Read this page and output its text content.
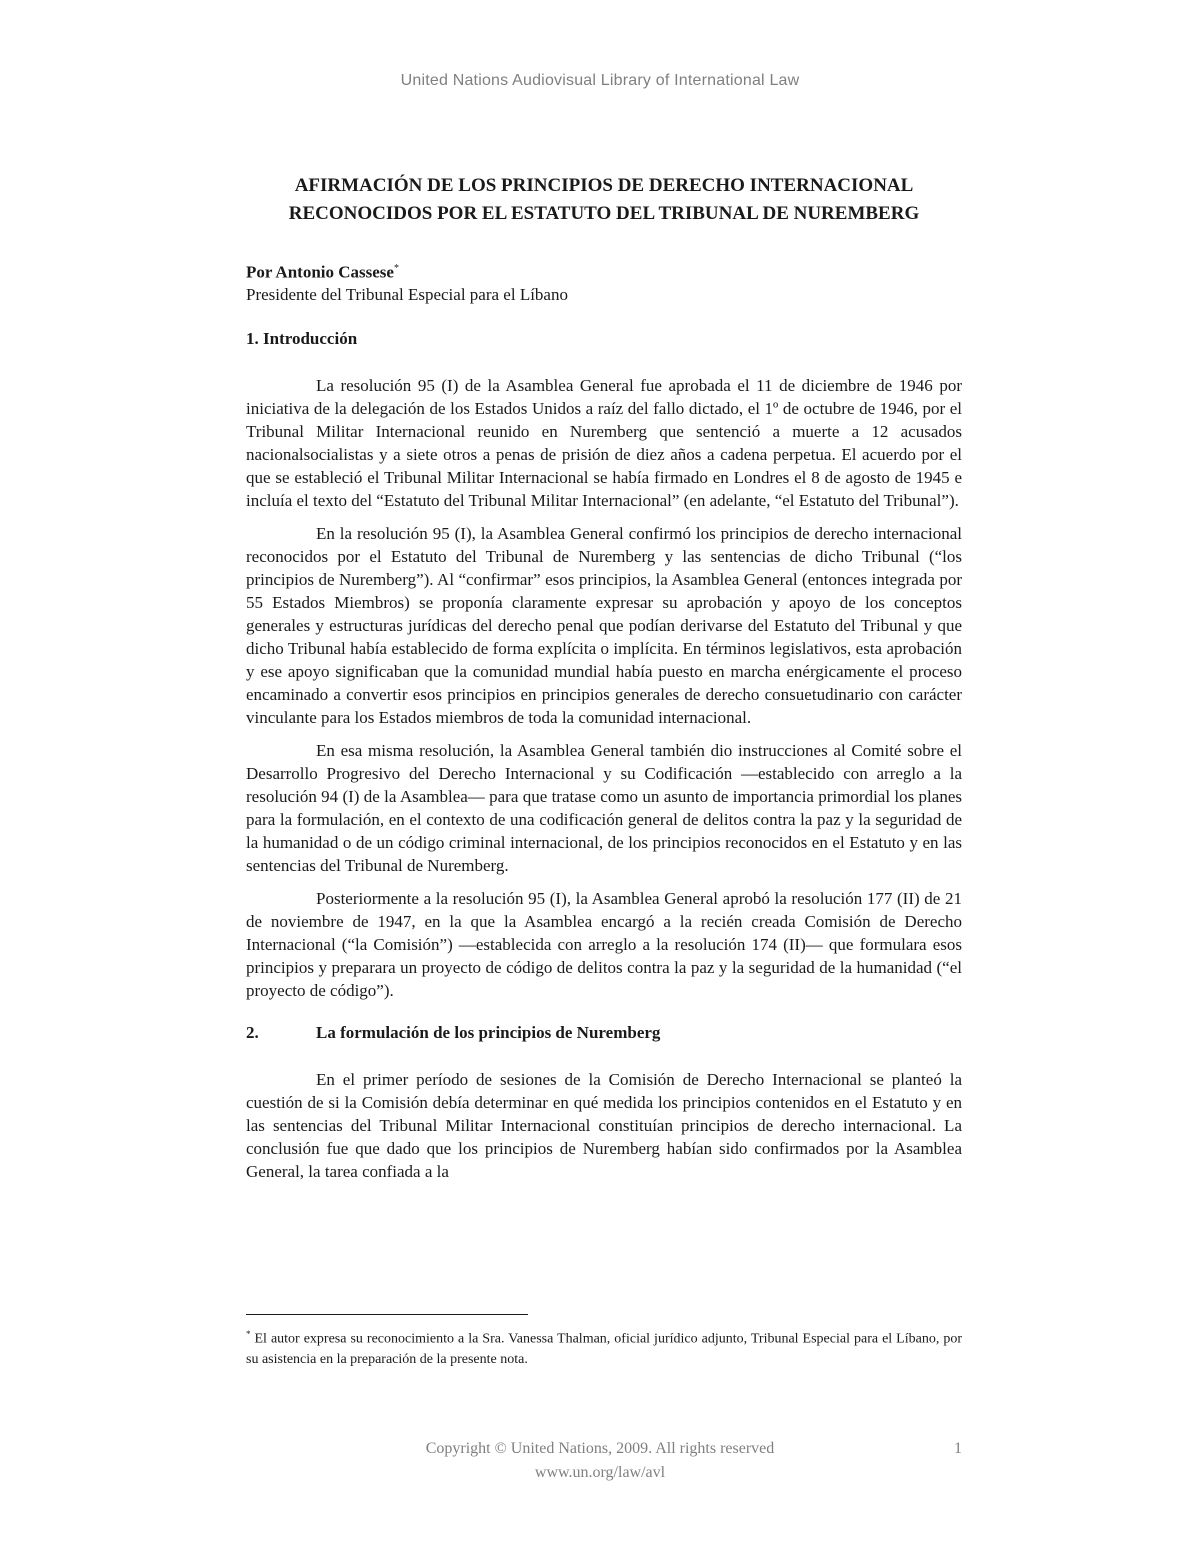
United Nations Audiovisual Library of International Law
AFIRMACIÓN DE LOS PRINCIPIOS DE DERECHO INTERNACIONAL
RECONOCIDOS POR EL ESTATUTO DEL TRIBUNAL DE NUREMBERG

Por Antonio Cassese*

Presidente del Tribunal Especial para el Líbano

1. Introducción

La resolución 95 (I) de la Asamblea General fue aprobada el 11 de diciembre de 1946 por iniciativa de la delegación de los Estados Unidos a raíz del fallo dictado, el 1º de octubre de 1946, por el Tribunal Militar Internacional reunido en Nuremberg que sentenció a muerte a 12 acusados nacionalsocialistas y a siete otros a penas de prisión de diez años a cadena perpetua. El acuerdo por el que se estableció el Tribunal Militar Internacional se había firmado en Londres el 8 de agosto de 1945 e incluía el texto del “Estatuto del Tribunal Militar Internacional” (en adelante, “el Estatuto del Tribunal”).

En la resolución 95 (I), la Asamblea General confirmó los principios de derecho internacional reconocidos por el Estatuto del Tribunal de Nuremberg y las sentencias de dicho Tribunal (“los principios de Nuremberg”). Al “confirmar” esos principios, la Asamblea General (entonces integrada por 55 Estados Miembros) se proponía claramente expresar su aprobación y apoyo de los conceptos generales y estructuras jurídicas del derecho penal que podían derivarse del Estatuto del Tribunal y que dicho Tribunal había establecido de forma explícita o implícita. En términos legislativos, esta aprobación y ese apoyo significaban que la comunidad mundial había puesto en marcha enérgicamente el proceso encaminado a convertir esos principios en principios generales de derecho consuetudinario con carácter vinculante para los Estados miembros de toda la comunidad internacional.

En esa misma resolución, la Asamblea General también dio instrucciones al Comité sobre el Desarrollo Progresivo del Derecho Internacional y su Codificación —establecido con arreglo a la resolución 94 (I) de la Asamblea— para que tratase como un asunto de importancia primordial los planes para la formulación, en el contexto de una codificación general de delitos contra la paz y la seguridad de la humanidad o de un código criminal internacional, de los principios reconocidos en el Estatuto y en las sentencias del Tribunal de Nuremberg.

Posteriormente a la resolución 95 (I), la Asamblea General aprobó la resolución 177 (II) de 21 de noviembre de 1947, en la que la Asamblea encargó a la recién creada Comisión de Derecho Internacional (“la Comisión”) —establecida con arreglo a la resolución 174 (II)— que formulara esos principios y preparara un proyecto de código de delitos contra la paz y la seguridad de la humanidad (“el proyecto de código”).

2.	La formulación de los principios de Nuremberg

En el primer período de sesiones de la Comisión de Derecho Internacional se planteó la cuestión de si la Comisión debía determinar en qué medida los principios contenidos en el Estatuto y en las sentencias del Tribunal Militar Internacional constituían principios de derecho internacional. La conclusión fue que dado que los principios de Nuremberg habían sido confirmados por la Asamblea General, la tarea confiada a la

* El autor expresa su reconocimiento a la Sra. Vanessa Thalman, oficial jurídico adjunto, Tribunal Especial para el Líbano, por su asistencia en la preparación de la presente nota.
Copyright © United Nations, 2009. All rights reserved
www.un.org/law/avl
1
